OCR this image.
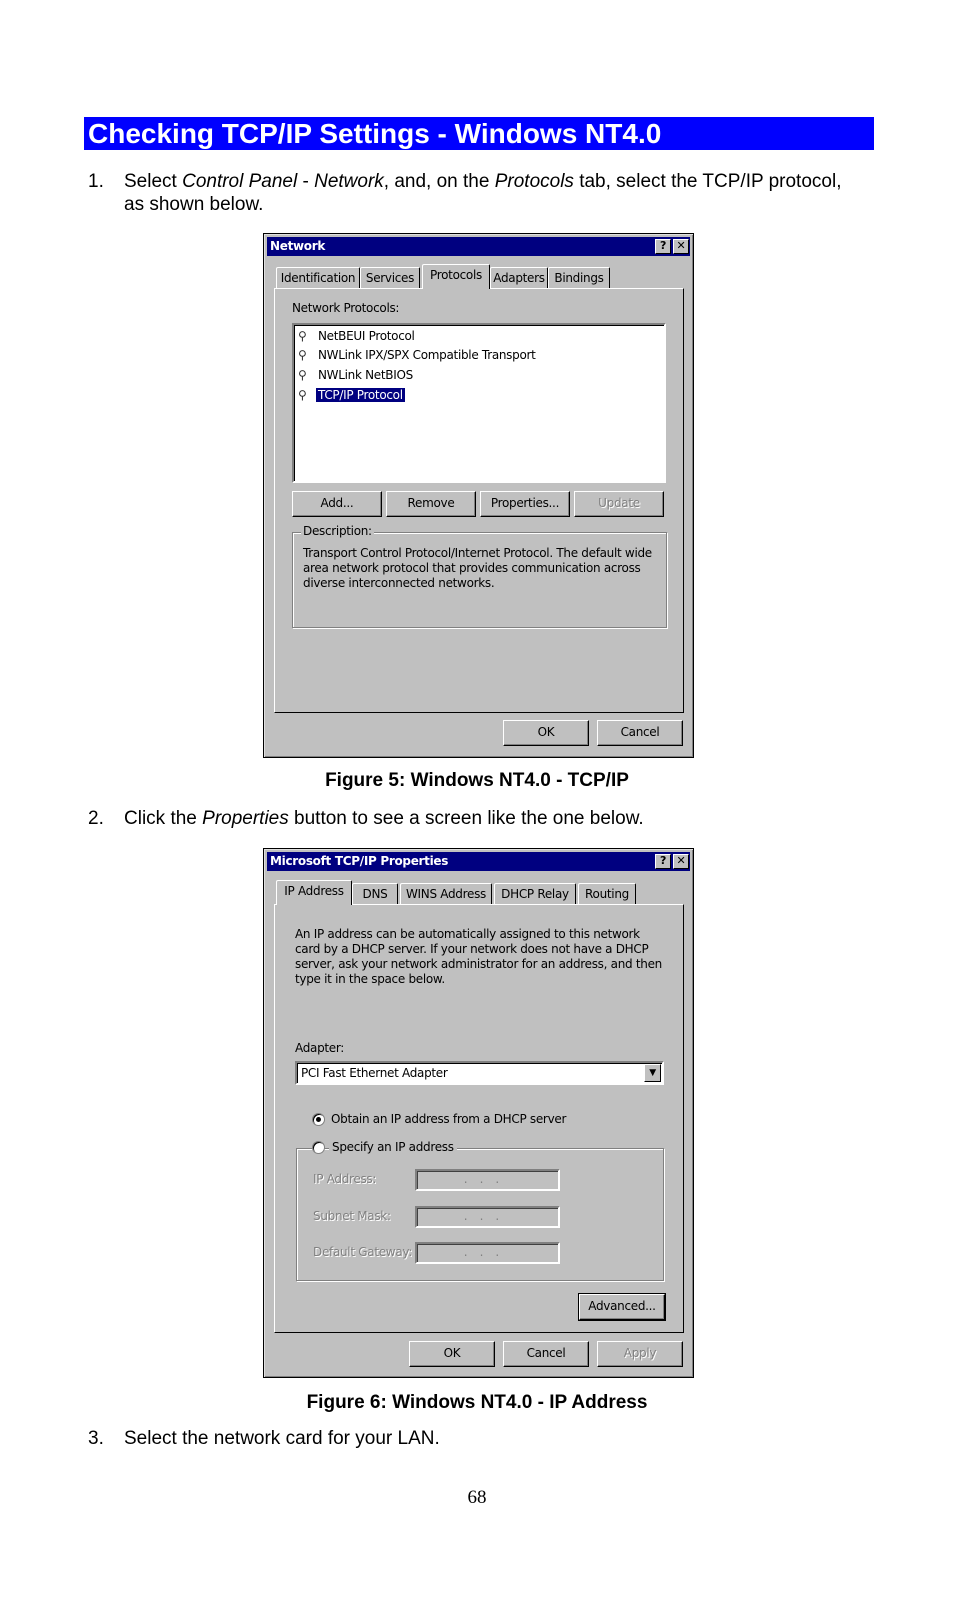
Checking TCP/IP Settings - Windows NT4.0
1.	Select Control Panel - Network, and, on the Protocols tab, select the TCP/IP protocol, as shown below.
Network	? ✕
Identification Services	Protocols Adapters Bindings
Network Protocols:
⚲ NetBEUI Protocol
⚲ NWLink IPX/SPX Compatible Transport
⚲ NWLink NetBIOS
⚲ TCP/IP Protocol
Add...	Remove	Properties...	Update
Description:
Transport Control Protocol/Internet Protocol. The default wide area network protocol that provides communication across diverse interconnected networks.
OK	Cancel
Figure 5: Windows NT4.0 - TCP/IP
2.	Click the Properties button to see a screen like the one below.
Microsoft TCP/IP Properties	? ✕
IP Address	DNS	WINS Address	DHCP Relay	Routing
An IP address can be automatically assigned to this network card by a DHCP server. If your network does not have a DHCP server, ask your network administrator for an address, and then type it in the space below.
Adapter:
PCI Fast Ethernet Adapter	▼
Obtain an IP address from a DHCP server
Specify an IP address
IP Address:	...
Subnet Mask:	...
Default Gateway:	...
Advanced...
OK	Cancel	Apply
Figure 6: Windows NT4.0 - IP Address
3.	Select the network card for your LAN.
68
